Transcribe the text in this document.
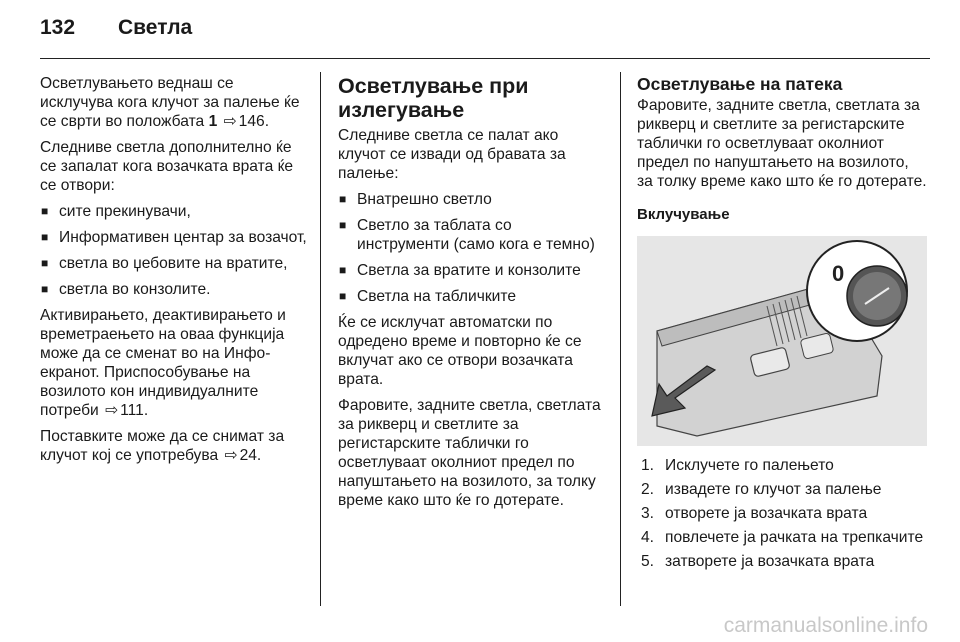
132	Светла

Осветлувањето веднаш се исклучува кога клучот за палење ќе се сврти во положбата 1 ⇨ 146.

Следниве светла дополнително ќе се запалат кога возачката врата ќе се отвори:

■ сите прекинувачи,
■ Информативен центар за возачот,
■ светла во џебовите на вратите,
■ светла во конзолите.

Активирањето, деактивирањето и времетраењето на оваа функција може да се сменат во на Инфо-екранот. Приспособување на возилото кон индивидуалните потреби ⇨ 111.

Поставките може да се снимат за клучот кој се употребува ⇨ 24.

Осветлување при излегување

Следниве светла се палат ако клучот се извади од бравата за палење:

■ Внатрешно светло
■ Светло за таблата со инструменти (само кога е темно)
■ Светла за вратите и конзолите
■ Светла на табличките

Ќе се исклучат автоматски по одредено време и повторно ќе се вклучат ако се отвори возачката врата.

Фаровите, задните светла, светлата за рикверц и светлите за регистарските таблички го осветлуваат околниот предел по напуштањето на возилото, за толку време како што ќе го дотерате.

Осветлување на патека

Фаровите, задните светла, светлата за рикверц и светлите за регистарските таблички го осветлуваат околниот предел по напуштањето на возилото, за толку време како што ќе го дотерате.

Вклучување
0
1. Исклучете го палењето
2. извадете го клучот за палење
3. отворете ја возачката врата
4. повлечете ја рачката на трепкачите
5. затворете ја возачката врата
carmanualsonline.info
